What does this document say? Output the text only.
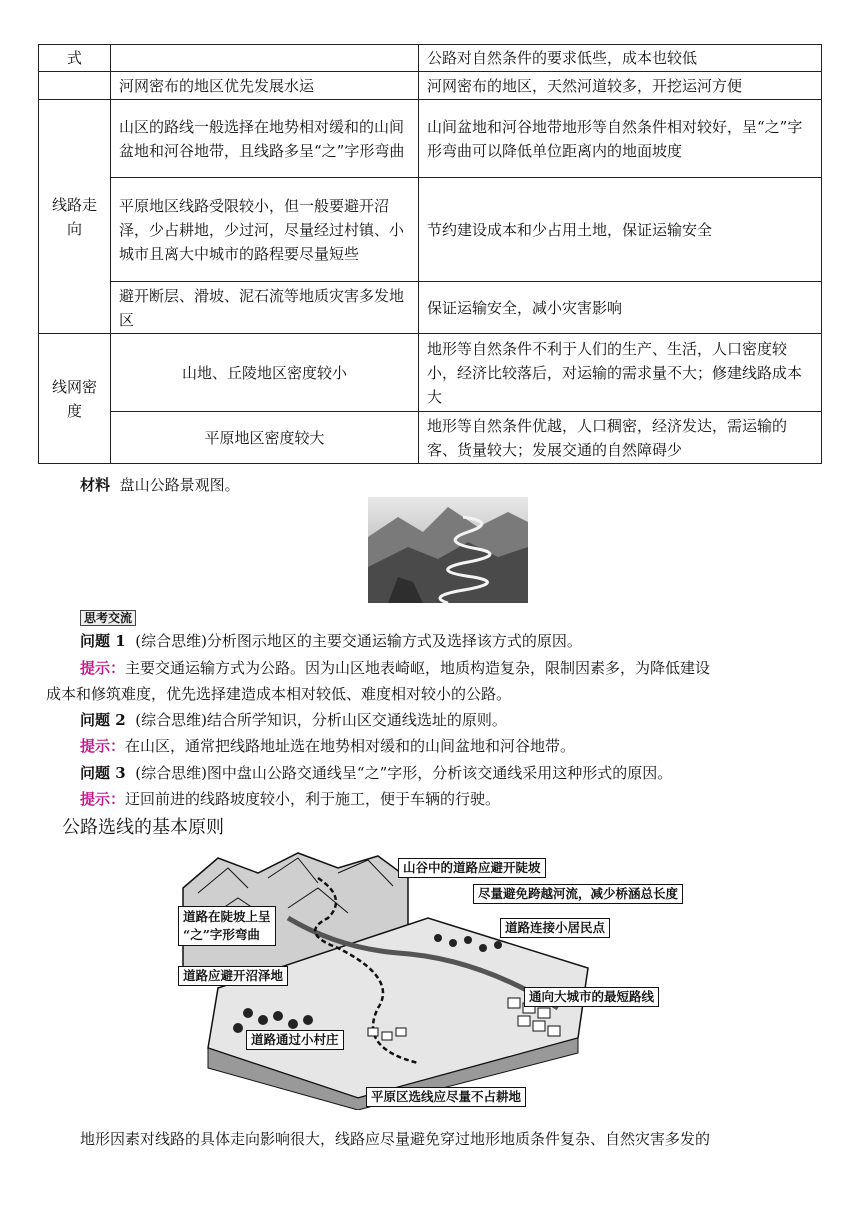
式		公路对自然条件的要求低些，成本也较低
	河网密布的地区优先发展水运	河网密布的地区，天然河道较多，开挖运河方便
线路走向	山区的路线一般选择在地势相对缓和的山间盆地和河谷地带，且线路多呈“之”字形弯曲	山间盆地和河谷地带地形等自然条件相对较好，呈“之”字形弯曲可以降低单位距离内的地面坡度
	平原地区线路受限较小，但一般要避开沼泽，少占耕地，少过河，尽量经过村镇、小城市且离大中城市的路程要尽量短些	节约建设成本和少占用土地，保证运输安全
	避开断层、滑坡、泥石流等地质灾害多发地区	保证运输安全，减小灾害影响
线网密度	山地、丘陵地区密度较小	地形等自然条件不利于人们的生产、生活，人口密度较小，经济比较落后，对运输的需求量不大；修建线路成本大
	平原地区密度较大	地形等自然条件优越，人口稠密，经济发达，需运输的客、货量较大；发展交通的自然障碍少
材料 盘山公路景观图。
思考交流
问题 1 (综合思维)分析图示地区的主要交通运输方式及选择该方式的原因。
提示：主要交通运输方式为公路。因为山区地表崎岖，地质构造复杂，限制因素多，为降低建设
成本和修筑难度，优先选择建造成本相对较低、难度相对较小的公路。
问题 2 (综合思维)结合所学知识，分析山区交通线选址的原则。
提示：在山区，通常把线路地址选在地势相对缓和的山间盆地和河谷地带。
问题 3 (综合思维)图中盘山公路交通线呈“之”字形，分析该交通线采用这种形式的原因。
提示：迂回前进的线路坡度较小，利于施工，便于车辆的行驶。
公路选线的基本原则
山谷中的道路应避开陡坡
尽量避免跨越河流，减少桥涵总长度
道路在陡坡上呈
“之”字形弯曲	道路连接小居民点
道路应避开沼泽地
通向大城市的最短路线
道路通过小村庄
平原区选线应尽量不占耕地
地形因素对线路的具体走向影响很大，线路应尽量避免穿过地形地质条件复杂、自然灾害多发的
